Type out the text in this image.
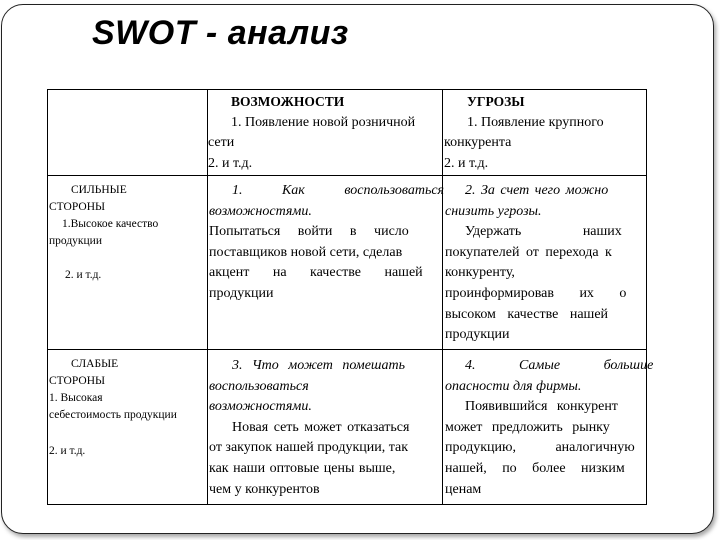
SWOT - анализ
ВОЗМОЖНОСТИ
1. Появление новой розничной
сети
2. и т.д.
УГРОЗЫ
1. Появление крупного
конкурента
2. и т.д.
СИЛЬНЫЕ
СТОРОНЫ
1.Высокое качество
продукции
2. и т.д.
1. Как воспользоваться
возможностями.
Попытаться войти в число
поставщиков новой сети, сделав
акцент на качестве нашей
продукции
2. За счет чего можно
снизить угрозы.
Удержать наших
покупателей от перехода к
конкуренту,
проинформировав их о
высоком качестве нашей
продукции
СЛАБЫЕ
СТОРОНЫ
1. Высокая
себестоимость продукции
2. и т.д.
3. Что может помешать
воспользоваться
возможностями.
Новая сеть может отказаться
от закупок нашей продукции, так
как наши оптовые цены выше,
чем у конкурентов
4. Самые большие
опасности для фирмы.
Появившийся конкурент
может предложить рынку
продукцию, аналогичную
нашей, по более низким
ценам
